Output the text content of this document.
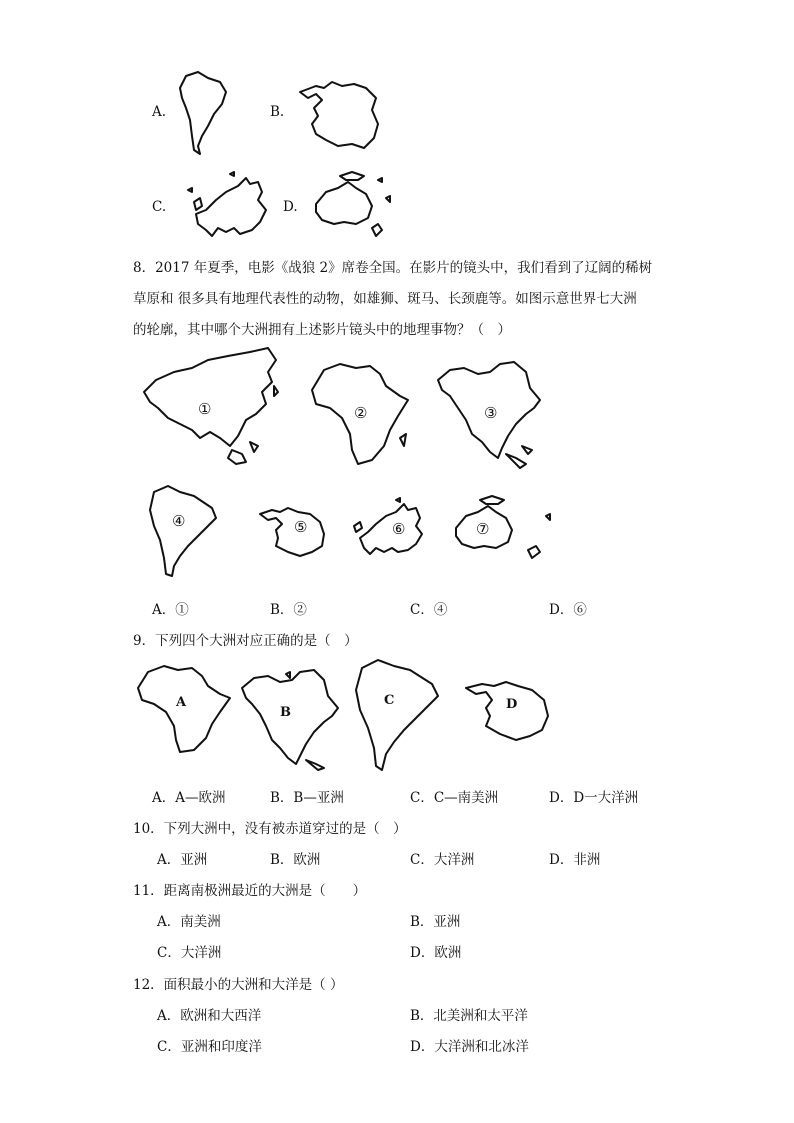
A.	B.
C.	D.
8．2017 年夏季，电影《战狼 2》席卷全国。在影片的镜头中，我们看到了辽阔的稀树
草原和 很多具有地理代表性的动物，如雄狮、斑马、长颈鹿等。如图示意世界七大洲
的轮廓，其中哪个大洲拥有上述影片镜头中的地理事物？（　）
①	②	③
④	⑤	⑥	⑦
A．①	B．②	C．④	D．⑥
9．下列四个大洲对应正确的是（　）
A
B
C	D
A．A—欧洲	B．B—亚洲	C．C—南美洲	D．D一大洋洲
10．下列大洲中，没有被赤道穿过的是（　）
A．亚洲	B．欧洲	C．大洋洲	D．非洲
11．距离南极洲最近的大洲是（　　）
A．南美洲	B．亚洲
C．大洋洲	D．欧洲
12．面积最小的大洲和大洋是（ ）
A．欧洲和大西洋	B．北美洲和太平洋
C．亚洲和印度洋	D．大洋洲和北冰洋
